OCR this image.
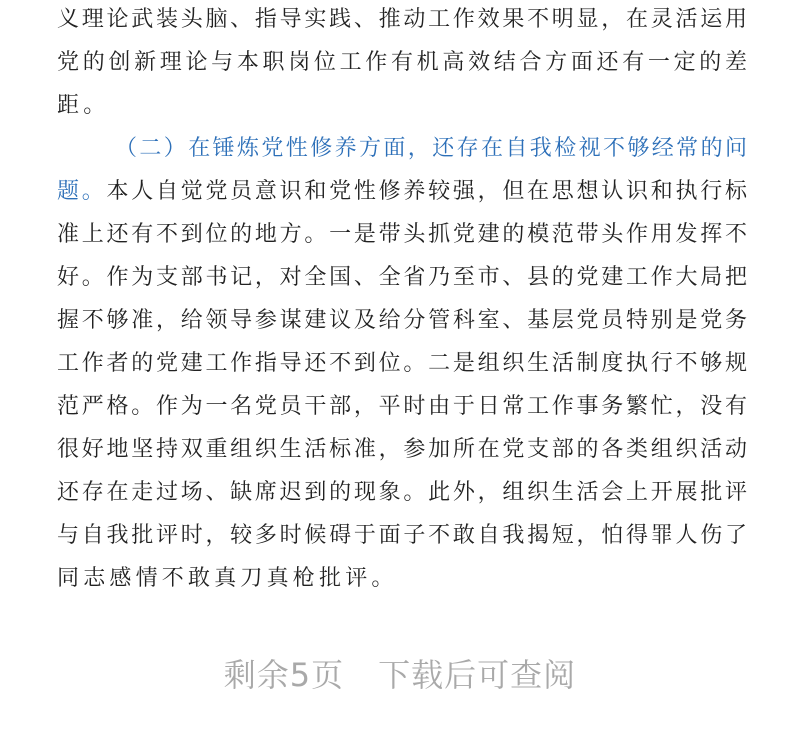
义理论武装头脑、指导实践、推动工作效果不明显，在灵活运用
党的创新理论与本职岗位工作有机高效结合方面还有一定的差
距。
（二）在锤炼党性修养方面，还存在自我检视不够经常的问
题。本人自觉党员意识和党性修养较强，但在思想认识和执行标
准上还有不到位的地方。一是带头抓党建的模范带头作用发挥不
好。作为支部书记，对全国、全省乃至市、县的党建工作大局把
握不够准，给领导参谋建议及给分管科室、基层党员特别是党务
工作者的党建工作指导还不到位。二是组织生活制度执行不够规
范严格。作为一名党员干部，平时由于日常工作事务繁忙，没有
很好地坚持双重组织生活标准，参加所在党支部的各类组织活动
还存在走过场、缺席迟到的现象。此外，组织生活会上开展批评
与自我批评时，较多时候碍于面子不敢自我揭短，怕得罪人伤了
同志感情不敢真刀真枪批评。
剩余5页 下载后可查阅
